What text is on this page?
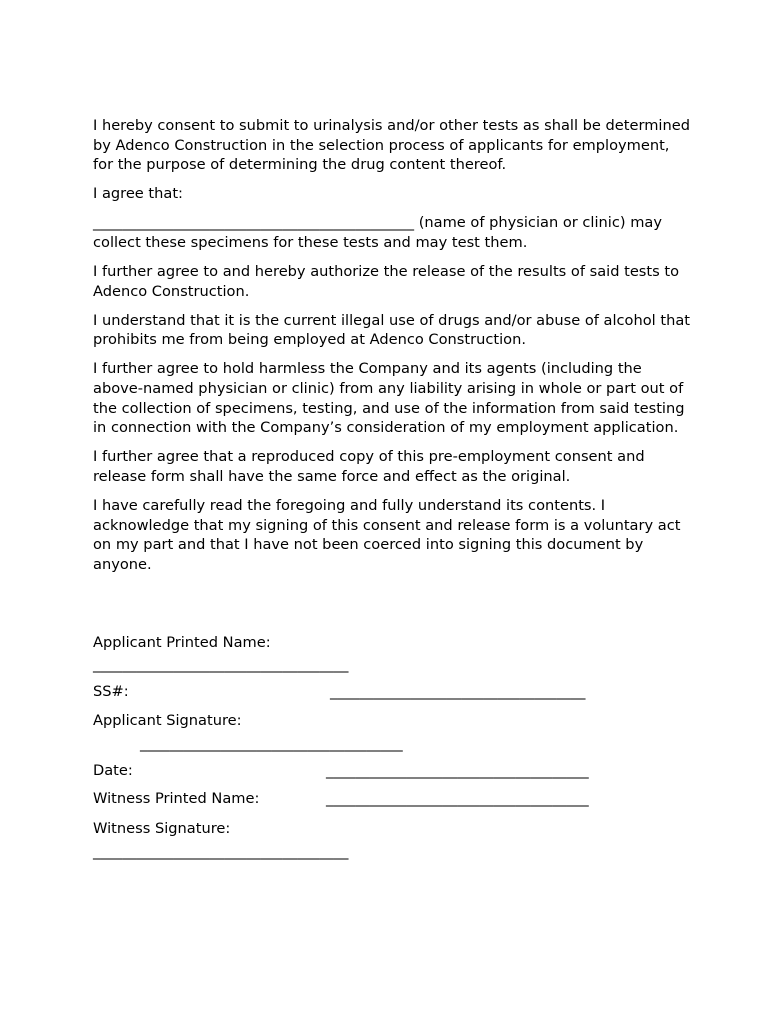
I hereby consent to submit to urinalysis and/or other tests as shall be determined by Adenco Construction in the selection process of applicants for employment, for the purpose of determining the drug content thereof.

I agree that:

____________________________________________ (name of physician or clinic) may collect these specimens for these tests and may test them.

I further agree to and hereby authorize the release of the results of said tests to Adenco Construction.

I understand that it is the current illegal use of drugs and/or abuse of alcohol that prohibits me from being employed at Adenco Construction.

I further agree to hold harmless the Company and its agents (including the above-named physician or clinic) from any liability arising in whole or part out of the collection of specimens, testing, and use of the information from said testing in connection with the Company’s consideration of my employment application.

I further agree that a reproduced copy of this pre-employment consent and release form shall have the same force and effect as the original.

I have carefully read the foregoing and fully understand its contents. I acknowledge that my signing of this consent and release form is a voluntary act on my part and that I have not been coerced into signing this document by anyone.

Applicant Printed Name:
___________________________________
SS#:	___________________________________
Applicant Signature:
____________________________________
Date:	____________________________________
Witness Printed Name:	____________________________________
Witness Signature:
___________________________________
